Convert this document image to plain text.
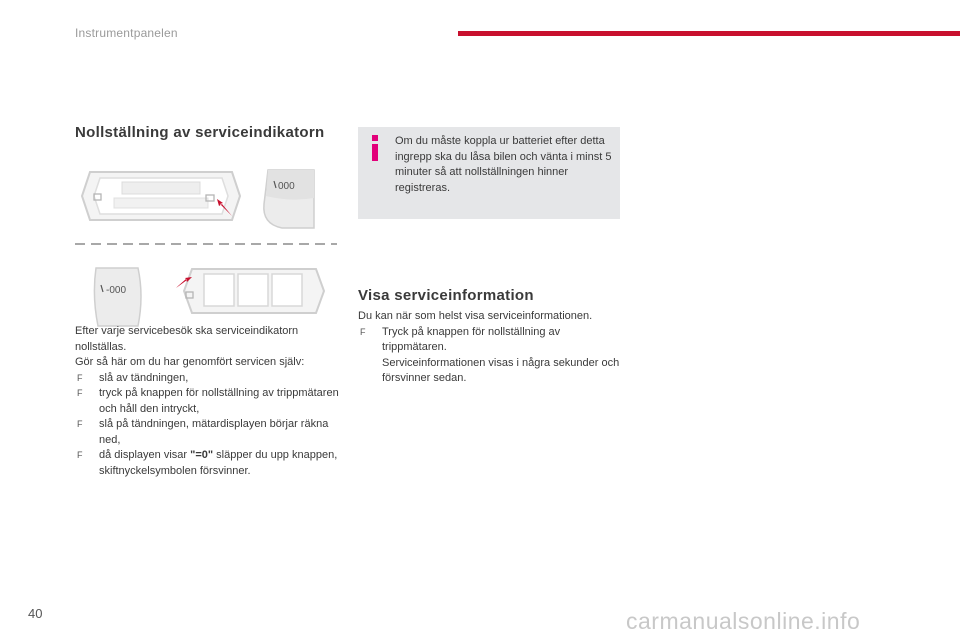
Instrumentpanelen
Nollställning av serviceindikatorn
000
-000

Efter varje servicebesök ska serviceindikatorn nollställas.

Gör så här om du har genomfört servicen själv:

F slå av tändningen,

F tryck på knappen för nollställning av trippmätaren och håll den intryckt,

F slå på tändningen, mätardisplayen börjar räkna ned,

F då displayen visar "=0" släpper du upp knappen, skiftnyckelsymbolen försvinner.

Om du måste koppla ur batteriet efter detta ingrepp ska du låsa bilen och vänta i minst 5 minuter så att nollställningen hinner registreras.
Visa serviceinformation

Du kan när som helst visa serviceinformationen.

F Tryck på knappen för nollställning av trippmätaren.

Serviceinformationen visas i några sekunder och försvinner sedan.

40	carmanualsonline.info
